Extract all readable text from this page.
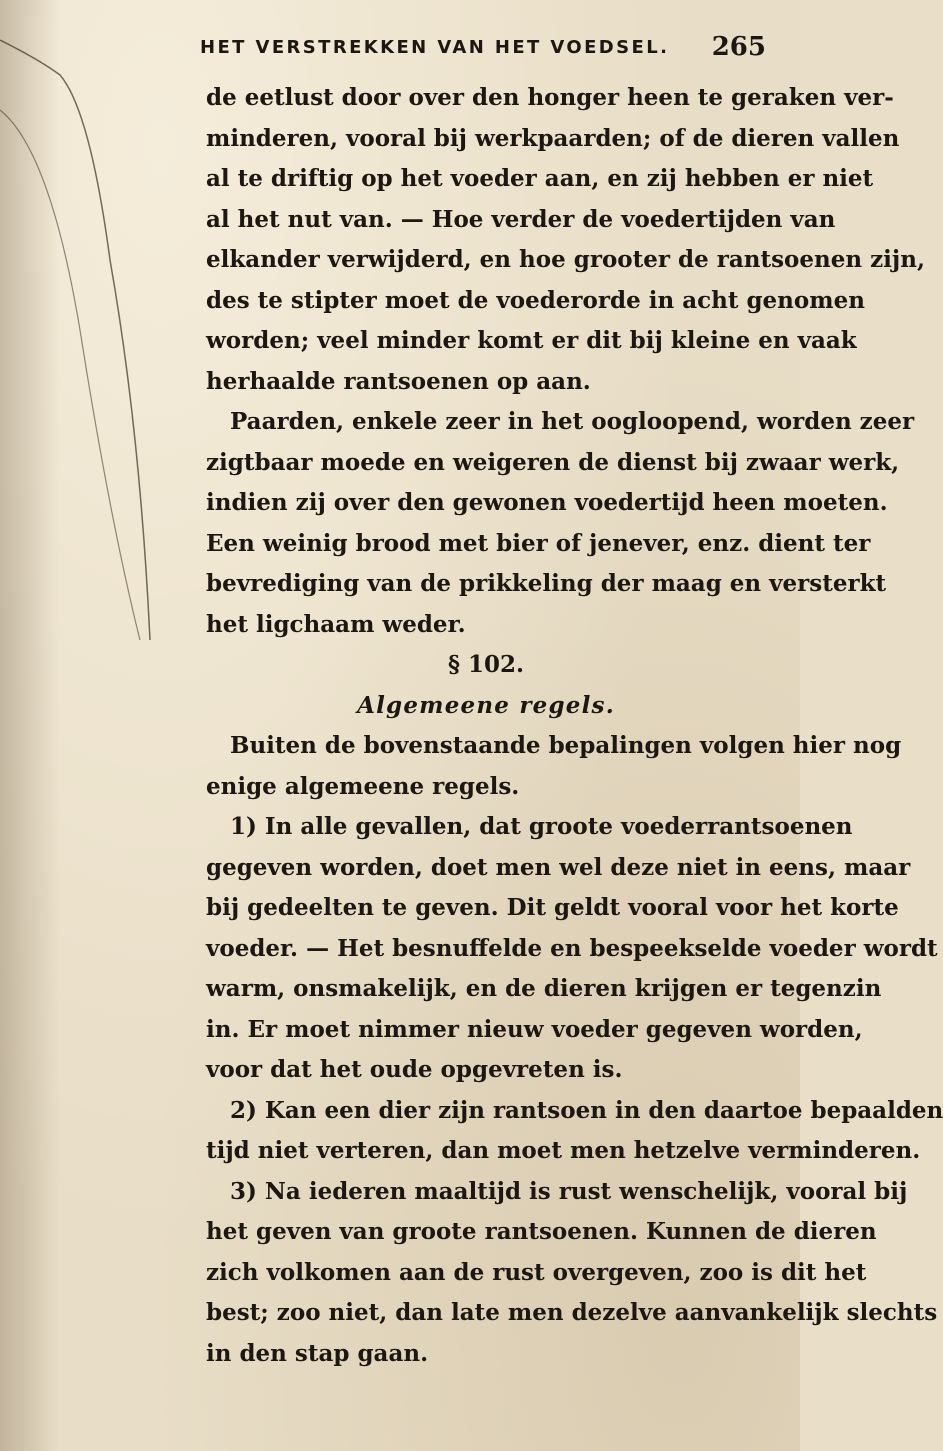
HET VERSTREKKEN VAN HET VOEDSEL. 265
de eetlust door over den honger heen te geraken ver-
minderen, vooral bij werkpaarden; of de dieren vallen
al te driftig op het voeder aan, en zij hebben er niet
al het nut van. — Hoe verder de voedertijden van
elkander verwijderd, en hoe grooter de rantsoenen zijn,
des te stipter moet de voederorde in acht genomen
worden; veel minder komt er dit bij kleine en vaak
herhaalde rantsoenen op aan.
Paarden, enkele zeer in het oogloopend, worden zeer
zigtbaar moede en weigeren de dienst bij zwaar werk,
indien zij over den gewonen voedertijd heen moeten.
Een weinig brood met bier of jenever, enz. dient ter
bevrediging van de prikkeling der maag en versterkt
het ligchaam weder.
§ 102.
Algemeene regels.
Buiten de bovenstaande bepalingen volgen hier nog
enige algemeene regels.
1) In alle gevallen, dat groote voederrantsoenen
gegeven worden, doet men wel deze niet in eens, maar
bij gedeelten te geven. Dit geldt vooral voor het korte
voeder. — Het besnuffelde en bespeekselde voeder wordt
warm, onsmakelijk, en de dieren krijgen er tegenzin
in. Er moet nimmer nieuw voeder gegeven worden,
voor dat het oude opgevreten is.
2) Kan een dier zijn rantsoen in den daartoe bepaalden
tijd niet verteren, dan moet men hetzelve verminderen.
3) Na iederen maaltijd is rust wenschelijk, vooral bij
het geven van groote rantsoenen. Kunnen de dieren
zich volkomen aan de rust overgeven, zoo is dit het
best; zoo niet, dan late men dezelve aanvankelijk slechts
in den stap gaan.
